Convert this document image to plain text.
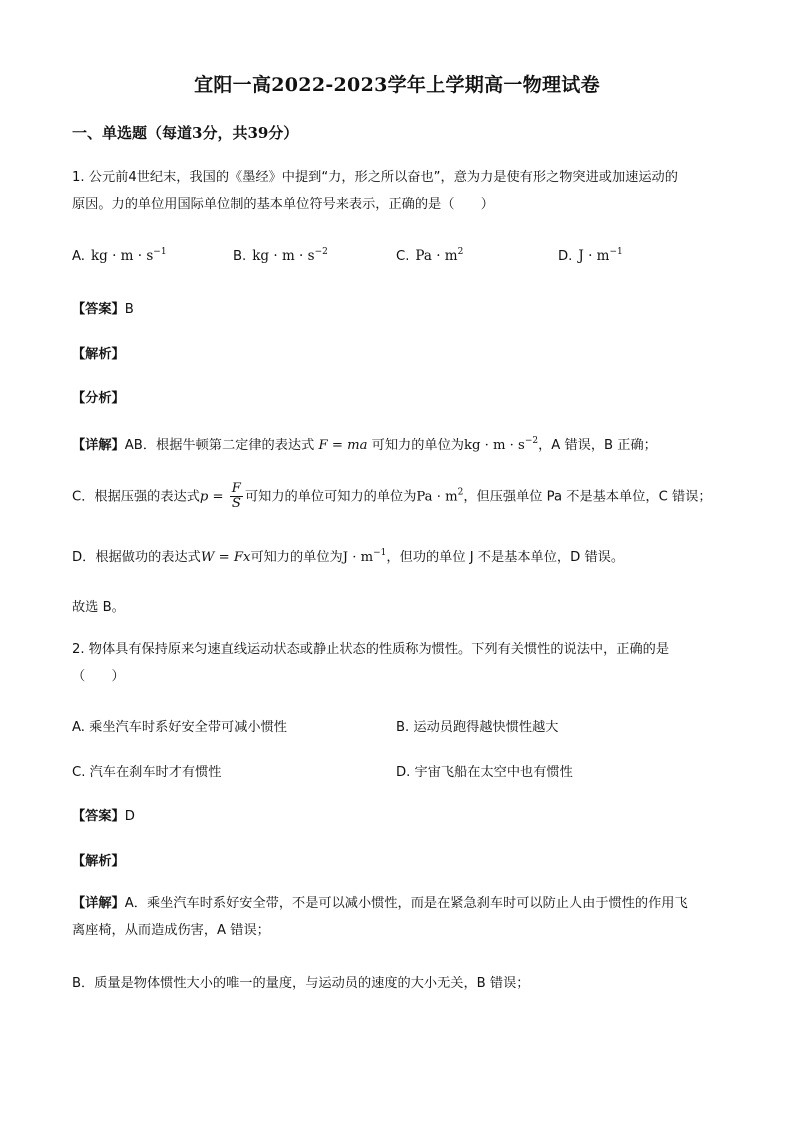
宜阳一高2022-2023学年上学期高一物理试卷
一、单选题（每道3分，共39分）
1. 公元前4世纪末，我国的《墨经》中提到“力，形之所以奋也”，意为力是使有形之物突进或加速运动的
原因。力的单位用国际单位制的基本单位符号来表示，正确的是（　　）
A. kg · $m \cdot s^{-1}$	B. kg · $m \cdot s^{-2}$	C. $Pa \cdot m^2$	D. $J \cdot m^{-1}$
【答案】B
【解析】
【分析】
【详解】AB．根据牛顿第二定律的表达式 F = ma 可知力的单位为kg · $m \cdot s^{-2}$，A 错误，B 正确；
C．根据压强的表达式$p = \frac{F}{S}$ 可知力的单位可知力的单位为$Pa \cdot m^2$，但压强单位 Pa 不是基本单位，C 错误；
D．根据做功的表达式W = Fx可知力的单位为$J \cdot m^{-1}$，但功的单位 J 不是基本单位，D 错误。
故选 B。
2. 物体具有保持原来匀速直线运动状态或静止状态的性质称为惯性。下列有关惯性的说法中，正确的是
（　　）
A. 乘坐汽车时系好安全带可减小惯性	B. 运动员跑得越快惯性越大
C. 汽车在刹车时才有惯性	D. 宇宙飞船在太空中也有惯性
【答案】D
【解析】
【详解】A．乘坐汽车时系好安全带，不是可以减小惯性，而是在紧急刹车时可以防止人由于惯性的作用飞
离座椅，从而造成伤害，A 错误；
B．质量是物体惯性大小的唯一的量度，与运动员的速度的大小无关，B 错误；
